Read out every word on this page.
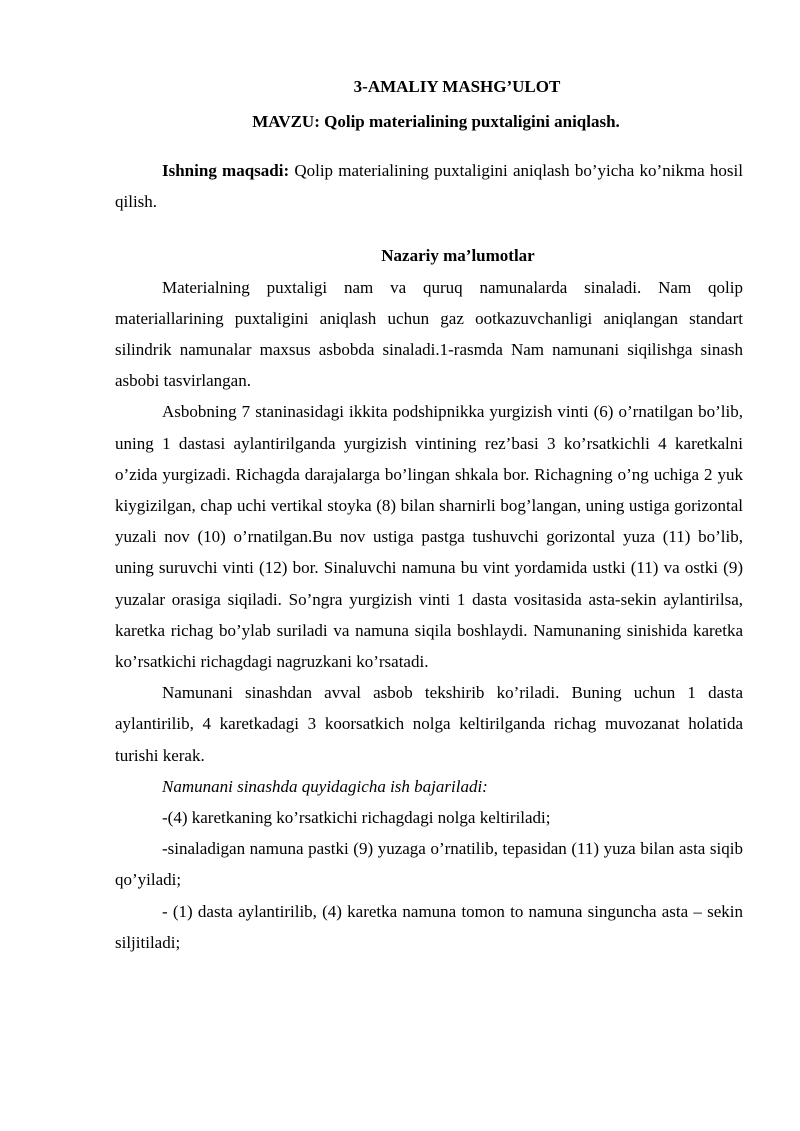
3-AMALIY MASHG’ULOT

MAVZU: Qolip materialining puxtaligini aniqlash.

Ishning maqsadi: Qolip materialining puxtaligini aniqlash bo’yicha ko’nikma hosil qilish.

Nazariy ma’lumotlar

Materialning puxtaligi nam va quruq namunalarda sinaladi. Nam qolip materiallarining puxtaligini aniqlash uchun gaz ootkazuvchanligi aniqlangan standart silindrik namunalar maxsus asbobda sinaladi.1-rasmda Nam namunani siqilishga sinash asbobi tasvirlangan.

Asbobning 7 staninasidagi ikkita podshipnikka yurgizish vinti (6) o’rnatilgan bo’lib, uning 1 dastasi aylantirilganda yurgizish vintining rez’basi 3 ko’rsatkichli 4 karetkalni o’zida yurgizadi. Richagda darajalarga bo’lingan shkala bor. Richagning o’ng uchiga 2 yuk kiygizilgan, chap uchi vertikal stoyka (8) bilan sharnirli bog’langan, uning ustiga gorizontal yuzali nov (10) o’rnatilgan.Bu nov ustiga pastga tushuvchi gorizontal yuza (11) bo’lib, uning suruvchi vinti (12) bor. Sinaluvchi namuna bu vint yordamida ustki (11) va ostki (9) yuzalar orasiga siqiladi. So’ngra yurgizish vinti 1 dasta vositasida asta-sekin aylantirilsa, karetka richag bo’ylab suriladi va namuna siqila boshlaydi. Namunaning sinishida karetka ko’rsatkichi richagdagi nagruzkani ko’rsatadi.

Namunani sinashdan avval asbob tekshirib ko’riladi. Buning uchun 1 dasta aylantirilib, 4 karetkadagi 3 koorsatkich nolga keltirilganda richag muvozanat holatida turishi kerak.

Namunani sinashda quyidagicha ish bajariladi:

-(4) karetkaning ko’rsatkichi richagdagi nolga keltiriladi;

-sinaladigan namuna pastki (9) yuzaga o’rnatilib, tepasidan (11) yuza bilan asta siqib qo’yiladi;

- (1) dasta aylantirilib, (4) karetka namuna tomon to namuna singuncha asta – sekin siljitiladi;
